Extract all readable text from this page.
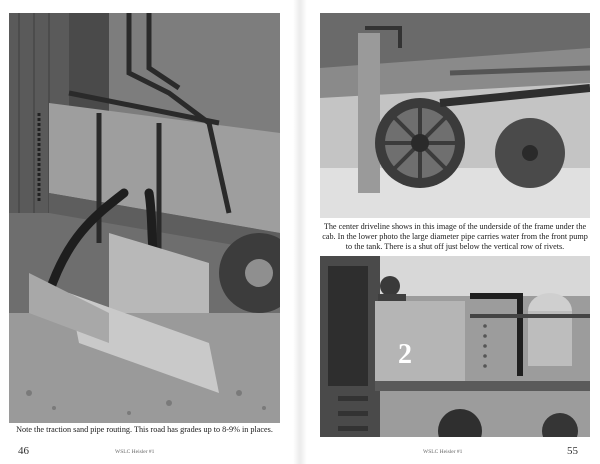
Note the traction sand pipe routing. This road has grades up to 8-9% in places.

46	WSLC Heisler #1

The center driveline shows in this image of the underside of the frame under the cab. In the lower photo the large diameter pipe carries water from the front pump to the tank. There is a shut off just below the vertical row of rivets.

2
WSLC Heisler #1	55
